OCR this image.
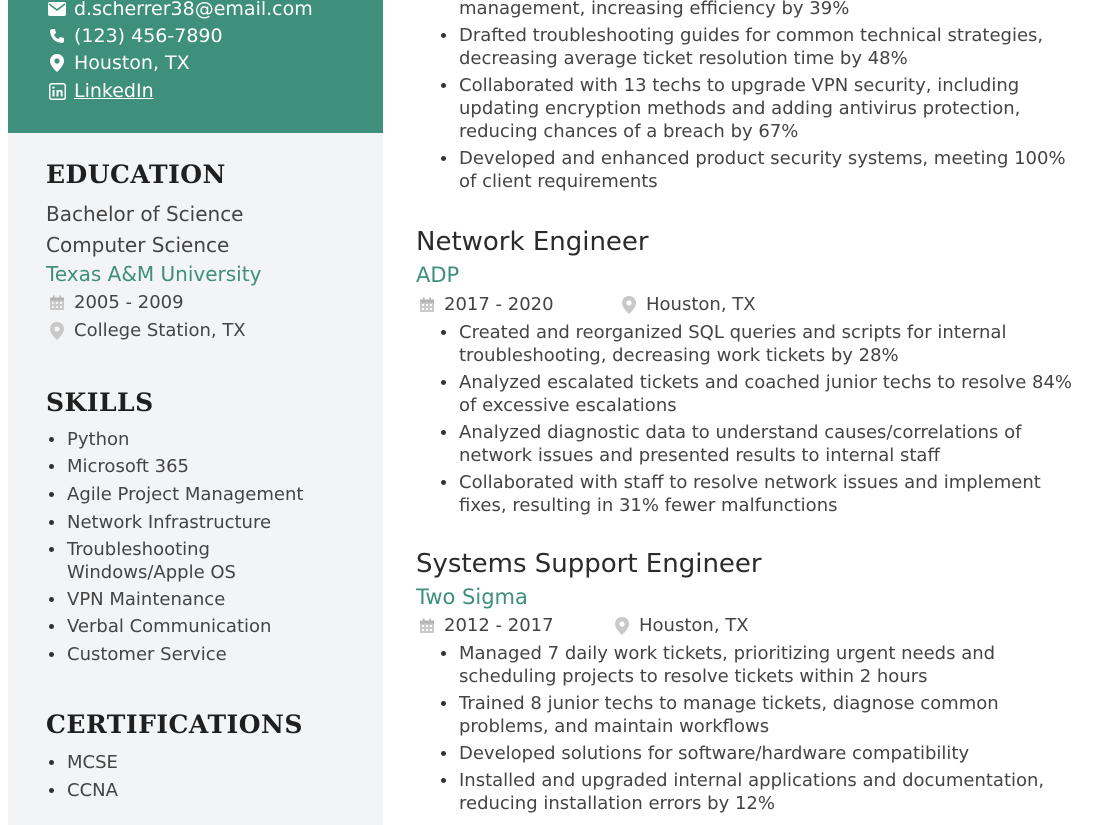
d.scherrer38@email.com
(123) 456-7890
Houston, TX
LinkedIn
EDUCATION
Bachelor of Science
Computer Science
Texas A&M University
2005 - 2009
College Station, TX
SKILLS
Python
Microsoft 365
Agile Project Management
Network Infrastructure
Troubleshooting Windows/Apple OS
VPN Maintenance
Verbal Communication
Customer Service
CERTIFICATIONS
MCSE
CCNA
management, increasing efficiency by 39%
Drafted troubleshooting guides for common technical strategies, decreasing average ticket resolution time by 48%
Collaborated with 13 techs to upgrade VPN security, including updating encryption methods and adding antivirus protection, reducing chances of a breach by 67%
Developed and enhanced product security systems, meeting 100% of client requirements
Network Engineer
ADP
2017 - 2020	Houston, TX
Created and reorganized SQL queries and scripts for internal troubleshooting, decreasing work tickets by 28%
Analyzed escalated tickets and coached junior techs to resolve 84% of excessive escalations
Analyzed diagnostic data to understand causes/correlations of network issues and presented results to internal staff
Collaborated with staff to resolve network issues and implement fixes, resulting in 31% fewer malfunctions
Systems Support Engineer
Two Sigma
2012 - 2017	Houston, TX
Managed 7 daily work tickets, prioritizing urgent needs and scheduling projects to resolve tickets within 2 hours
Trained 8 junior techs to manage tickets, diagnose common problems, and maintain workflows
Developed solutions for software/hardware compatibility
Installed and upgraded internal applications and documentation, reducing installation errors by 12%
